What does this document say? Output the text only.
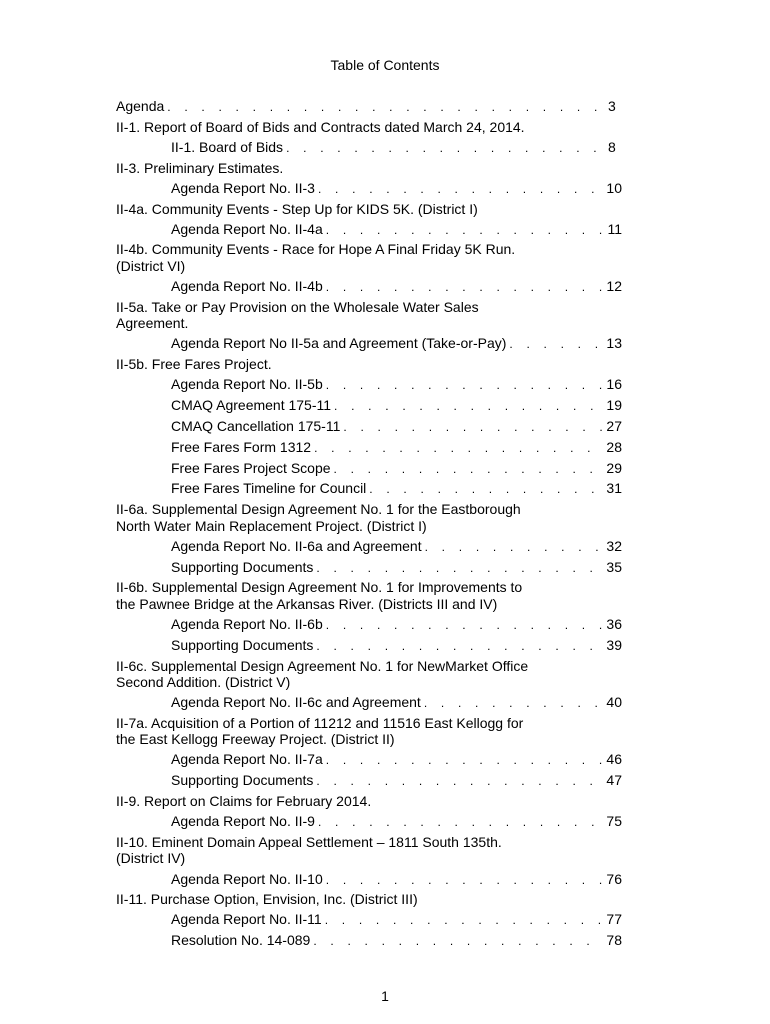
Table of Contents
Agenda . . .	3
II-1. Report of Board of Bids and Contracts dated March 24, 2014.
II-1. Board of Bids . . .	8
II-3. Preliminary Estimates.
Agenda Report No. II-3 . . .	10
II-4a. Community Events - Step Up for KIDS 5K. (District I)
Agenda Report No. II-4a . . .	11
II-4b. Community Events - Race for Hope A Final Friday 5K Run. (District VI)
Agenda Report No. II-4b . . .	12
II-5a. Take or Pay Provision on the Wholesale Water Sales Agreement.
Agenda Report No II-5a and Agreement (Take-or-Pay) . . .	13
II-5b. Free Fares Project.
Agenda Report No. II-5b . . .	16
CMAQ Agreement 175-11 . . .	19
CMAQ Cancellation 175-11 . . .	27
Free Fares Form 1312 . . .	28
Free Fares Project Scope . . .	29
Free Fares Timeline for Council . . .	31
II-6a. Supplemental Design Agreement No. 1 for the Eastborough North Water Main Replacement Project. (District I)
Agenda Report No. II-6a and Agreement . . .	32
Supporting Documents . . .	35
II-6b. Supplemental Design Agreement No. 1 for Improvements to the Pawnee Bridge at the Arkansas River. (Districts III and IV)
Agenda Report No. II-6b . . .	36
Supporting Documents . . .	39
II-6c. Supplemental Design Agreement No. 1 for NewMarket Office Second Addition. (District V)
Agenda Report No. II-6c and Agreement . . .	40
II-7a. Acquisition of a Portion of 11212 and 11516 East Kellogg for the East Kellogg Freeway Project. (District II)
Agenda Report No. II-7a . . .	46
Supporting Documents . . .	47
II-9. Report on Claims for February 2014.
Agenda Report No. II-9 . . .	75
II-10. Eminent Domain Appeal Settlement – 1811 South 135th. (District IV)
Agenda Report No. II-10 . . .	76
II-11. Purchase Option, Envision, Inc. (District III)
Agenda Report No. II-11 . . .	77
Resolution No. 14-089 . . .	78
1
